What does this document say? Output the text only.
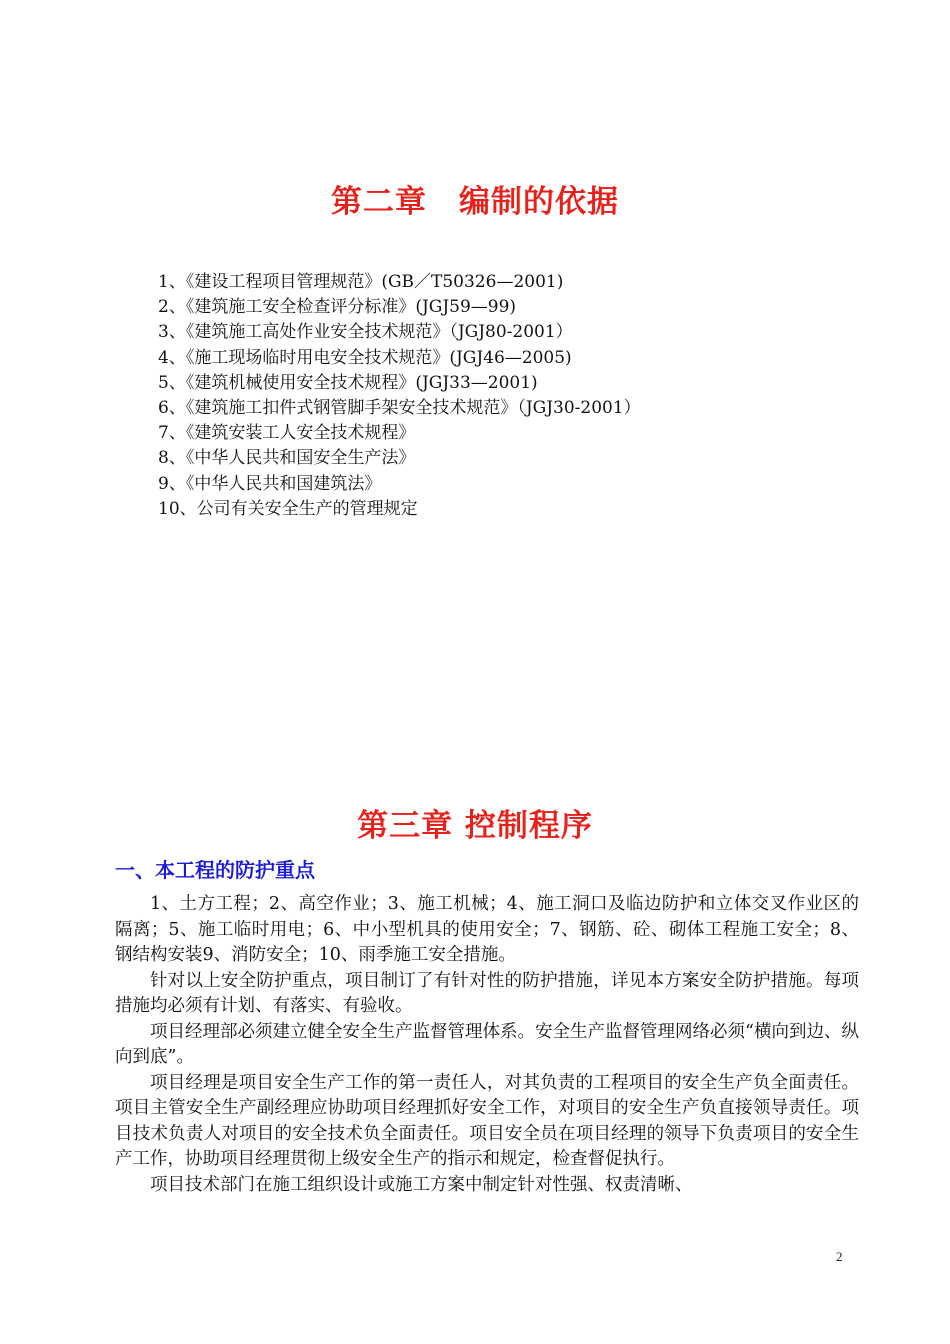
第二章　编制的依据
1、《建设工程项目管理规范》(GB／T50326—2001)
2、《建筑施工安全检查评分标准》(JGJ59—99)
3、《建筑施工高处作业安全技术规范》（JGJ80-2001）
4、《施工现场临时用电安全技术规范》(JGJ46—2005)
5、《建筑机械使用安全技术规程》(JGJ33—2001)
6、《建筑施工扣件式钢管脚手架安全技术规范》（JGJ30-2001）
7、《建筑安装工人安全技术规程》
8、《中华人民共和国安全生产法》
9、《中华人民共和国建筑法》
10、公司有关安全生产的管理规定
第三章 控制程序
一、本工程的防护重点

1、土方工程；2、高空作业；3、施工机械；4、施工洞口及临边防护和立体交叉作业区的隔离；5、施工临时用电；6、中小型机具的使用安全；7、钢筋、砼、砌体工程施工安全；8、钢结构安装9、消防安全；10、雨季施工安全措施。

针对以上安全防护重点，项目制订了有针对性的防护措施，详见本方案安全防护措施。每项措施均必须有计划、有落实、有验收。

项目经理部必须建立健全安全生产监督管理体系。安全生产监督管理网络必须“横向到边、纵向到底”。

项目经理是项目安全生产工作的第一责任人，对其负责的工程项目的安全生产负全面责任。项目主管安全生产副经理应协助项目经理抓好安全工作，对项目的安全生产负直接领导责任。项目技术负责人对项目的安全技术负全面责任。项目安全员在项目经理的领导下负责项目的安全生产工作，协助项目经理贯彻上级安全生产的指示和规定，检查督促执行。

项目技术部门在施工组织设计或施工方案中制定针对性强、权责清晰、

2
